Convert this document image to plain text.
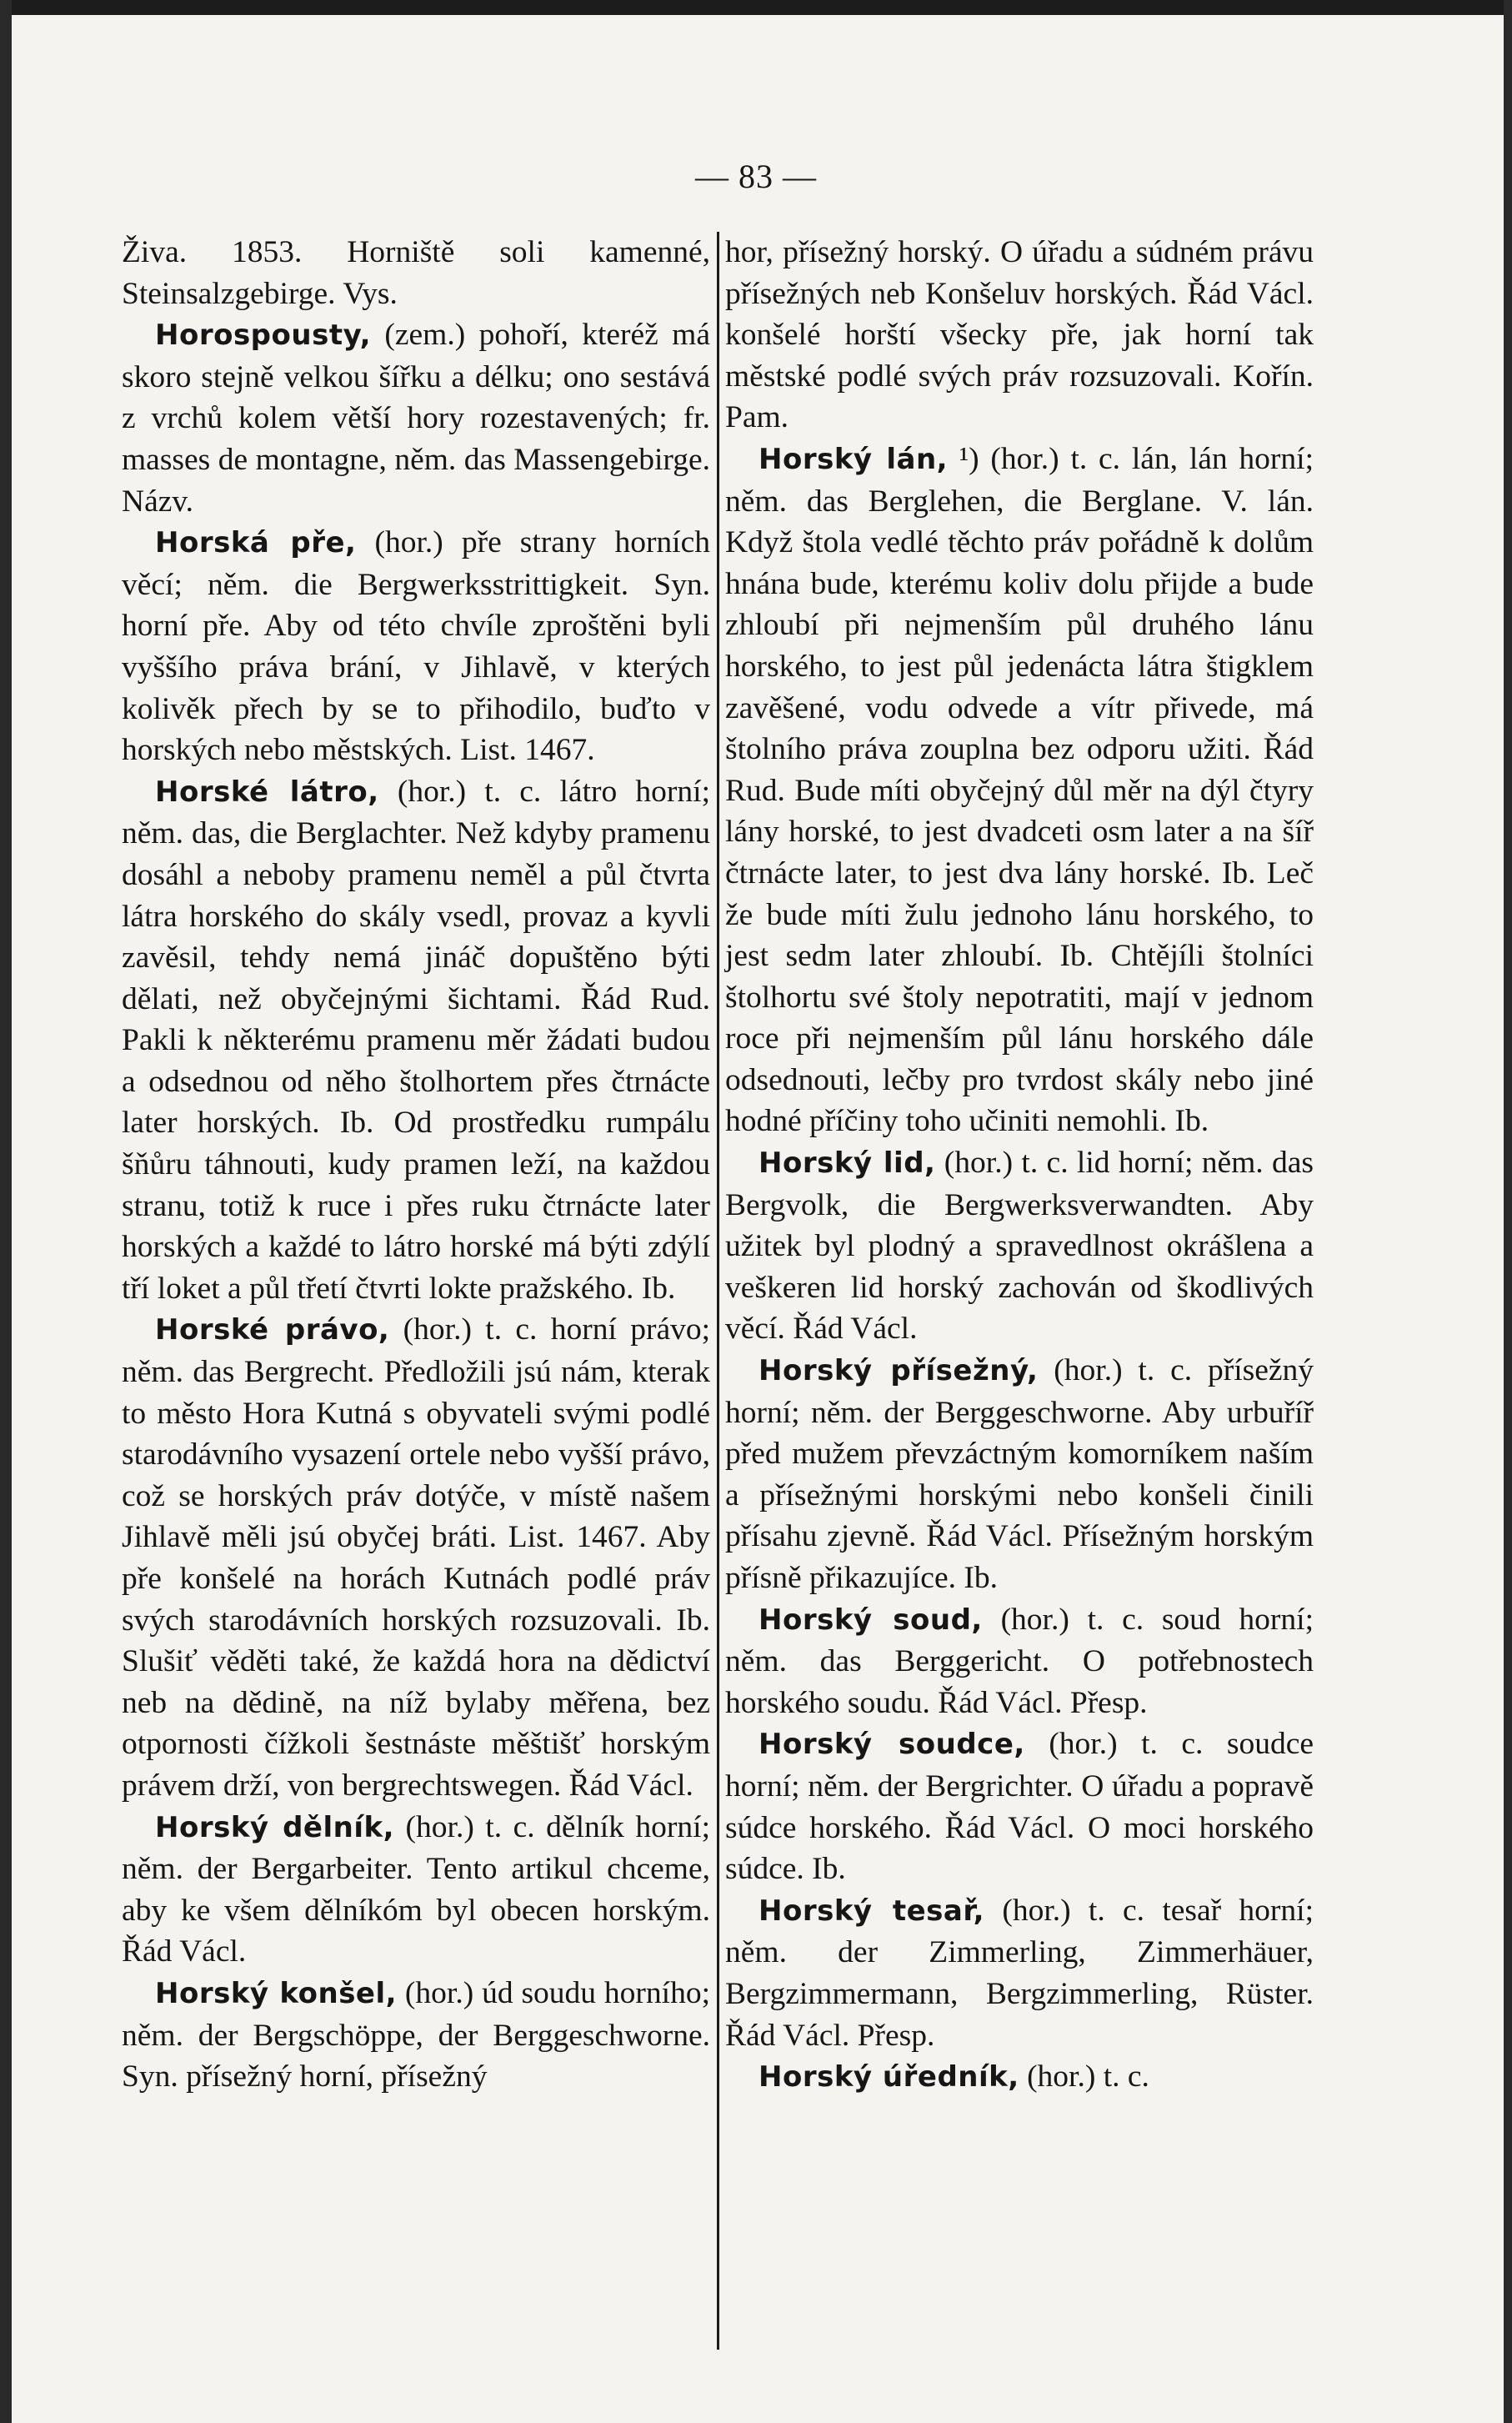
— 83 —

Živa. 1853. Horniště soli kamenné, Steinsalzgebirge. Vys.

Horospousty, (zem.) pohoří, kteréž má skoro stejně velkou šířku a délku; ono sestává z vrchů kolem větší hory rozestavených; fr. masses de montagne, něm. das Massengebirge. Názv.

Horská pře, (hor.) pře strany horních věcí; něm. die Bergwerksstrittigkeit. Syn. horní pře. Aby od této chvíle zproštěni byli vyššího práva brání, v Jihlavě, v kterých kolivěk přech by se to přihodilo, buďto v horských nebo městských. List. 1467.

Horské látro, (hor.) t. c. látro horní; něm. das, die Berglachter. Než kdyby pramenu dosáhl a neboby pramenu neměl a půl čtvrta látra horského do skály vsedl, provaz a kyvli zavěsil, tehdy nemá jináč dopuštěno býti dělati, než obyčejnými šichtami. Řád Rud. Pakli k některému pramenu měr žádati budou a odsednou od něho štolhortem přes čtrnácte later horských. Ib. Od prostředku rumpálu šňůru táhnouti, kudy pramen leží, na každou stranu, totiž k ruce i přes ruku čtrnácte later horských a každé to látro horské má býti zdýlí tří loket a půl třetí čtvrti lokte pražského. Ib.

Horské právo, (hor.) t. c. horní právo; něm. das Bergrecht. Předložili jsú nám, kterak to město Hora Kutná s obyvateli svými podlé starodávního vysazení ortele nebo vyšší právo, což se horských práv dotýče, v místě našem Jihlavě měli jsú obyčej bráti. List. 1467. Aby pře konšelé na horách Kutnách podlé práv svých starodávních horských rozsuzovali. Ib. Slušiť věděti také, že každá hora na dědictví neb na dědině, na níž bylaby měřena, bez otpornosti čížkoli šestnáste měštišť horským právem drží, von bergrechtswegen. Řád Václ.

Horský dělník, (hor.) t. c. dělník horní; něm. der Bergarbeiter. Tento artikul chceme, aby ke všem dělníkóm byl obecen horským. Řád Václ.

Horský konšel, (hor.) úd soudu horního; něm. der Bergschöppe, der Berggeschworne. Syn. přísežný horní, přísežný

hor, přísežný horský. O úřadu a súdném právu přísežných neb Konšeluv horských. Řád Václ. konšelé horští všecky pře, jak horní tak městské podlé svých práv rozsuzovali. Kořín. Pam.

Horský lán, ¹) (hor.) t. c. lán, lán horní; něm. das Berglehen, die Berglane. V. lán. Když štola vedlé těchto práv pořádně k dolům hnána bude, kterému koliv dolu přijde a bude zhloubí při nejmenším půl druhého lánu horského, to jest půl jedenácta látra štigklem zavěšené, vodu odvede a vítr přivede, má štolního práva zouplna bez odporu užiti. Řád Rud. Bude míti obyčejný důl měr na dýl čtyry lány horské, to jest dvadceti osm later a na šíř čtrnácte later, to jest dva lány horské. Ib. Leč že bude míti žulu jednoho lánu horského, to jest sedm later zhloubí. Ib. Chtějíli štolníci štolhortu své štoly nepotratiti, mají v jednom roce při nejmenším půl lánu horského dále odsednouti, lečby pro tvrdost skály nebo jiné hodné příčiny toho učiniti nemohli. Ib.

Horský lid, (hor.) t. c. lid horní; něm. das Bergvolk, die Bergwerksverwandten. Aby užitek byl plodný a spravedlnost okrášlena a veškeren lid horský zachován od škodlivých věcí. Řád Václ.

Horský přísežný, (hor.) t. c. přísežný horní; něm. der Berggeschworne. Aby urbuříř před mužem převzáctným komorníkem naším a přísežnými horskými nebo konšeli činili přísahu zjevně. Řád Václ. Přísežným horským přísně přikazujíce. Ib.

Horský soud, (hor.) t. c. soud horní; něm. das Berggericht. O potřebnostech horského soudu. Řád Václ. Přesp.

Horský soudce, (hor.) t. c. soudce horní; něm. der Bergrichter. O úřadu a popravě súdce horského. Řád Václ. O moci horského súdce. Ib.

Horský tesař, (hor.) t. c. tesař horní; něm. der Zimmerling, Zimmerhäuer, Bergzimmermann, Bergzimmerling, Rüster. Řád Václ. Přesp.

Horský úředník, (hor.) t. c.
